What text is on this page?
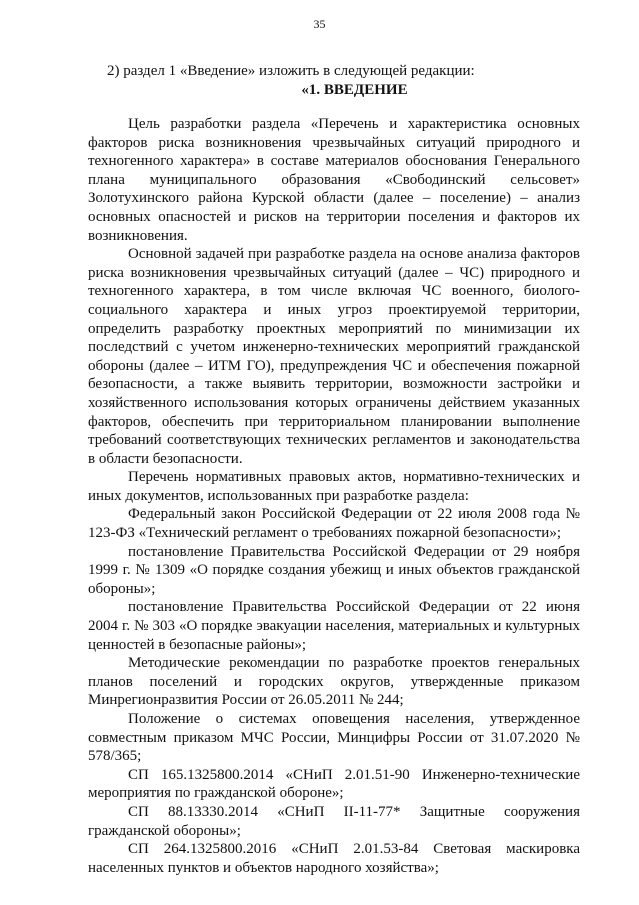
35
2) раздел 1 «Введение» изложить в следующей редакции:
«1. ВВЕДЕНИЕ

Цель разработки раздела «Перечень и характеристика основных факторов риска возникновения чрезвычайных ситуаций природного и техногенного характера» в составе материалов обоснования Генерального плана муниципального образования «Свободинский сельсовет» Золотухинского района Курской области (далее – поселение) – анализ основных опасностей и рисков на территории поселения и факторов их возникновения.

Основной задачей при разработке раздела на основе анализа факторов риска возникновения чрезвычайных ситуаций (далее – ЧС) природного и техногенного характера, в том числе включая ЧС военного, биолого-социального характера и иных угроз проектируемой территории, определить разработку проектных мероприятий по минимизации их последствий с учетом инженерно-технических мероприятий гражданской обороны (далее – ИТМ ГО), предупреждения ЧС и обеспечения пожарной безопасности, а также выявить территории, возможности застройки и хозяйственного использования которых ограничены действием указанных факторов, обеспечить при территориальном планировании выполнение требований соответствующих технических регламентов и законодательства в области безопасности.

Перечень нормативных правовых актов, нормативно-технических и иных документов, использованных при разработке раздела:

Федеральный закон Российской Федерации от 22 июля 2008 года № 123-ФЗ «Технический регламент о требованиях пожарной безопасности»;

постановление Правительства Российской Федерации от 29 ноября 1999 г. № 1309 «О порядке создания убежищ и иных объектов гражданской обороны»;

постановление Правительства Российской Федерации от 22 июня 2004 г. № 303 «О порядке эвакуации населения, материальных и культурных ценностей в безопасные районы»;

Методические рекомендации по разработке проектов генеральных планов поселений и городских округов, утвержденные приказом Минрегионразвития России от 26.05.2011 № 244;

Положение о системах оповещения населения, утвержденное совместным приказом МЧС России, Минцифры России от 31.07.2020 № 578/365;

СП 165.1325800.2014 «СНиП 2.01.51-90 Инженерно-технические мероприятия по гражданской обороне»;

СП 88.13330.2014 «СНиП II-11-77* Защитные сооружения гражданской обороны»;

СП 264.1325800.2016 «СНиП 2.01.53-84 Световая маскировка населенных пунктов и объектов народного хозяйства»;
